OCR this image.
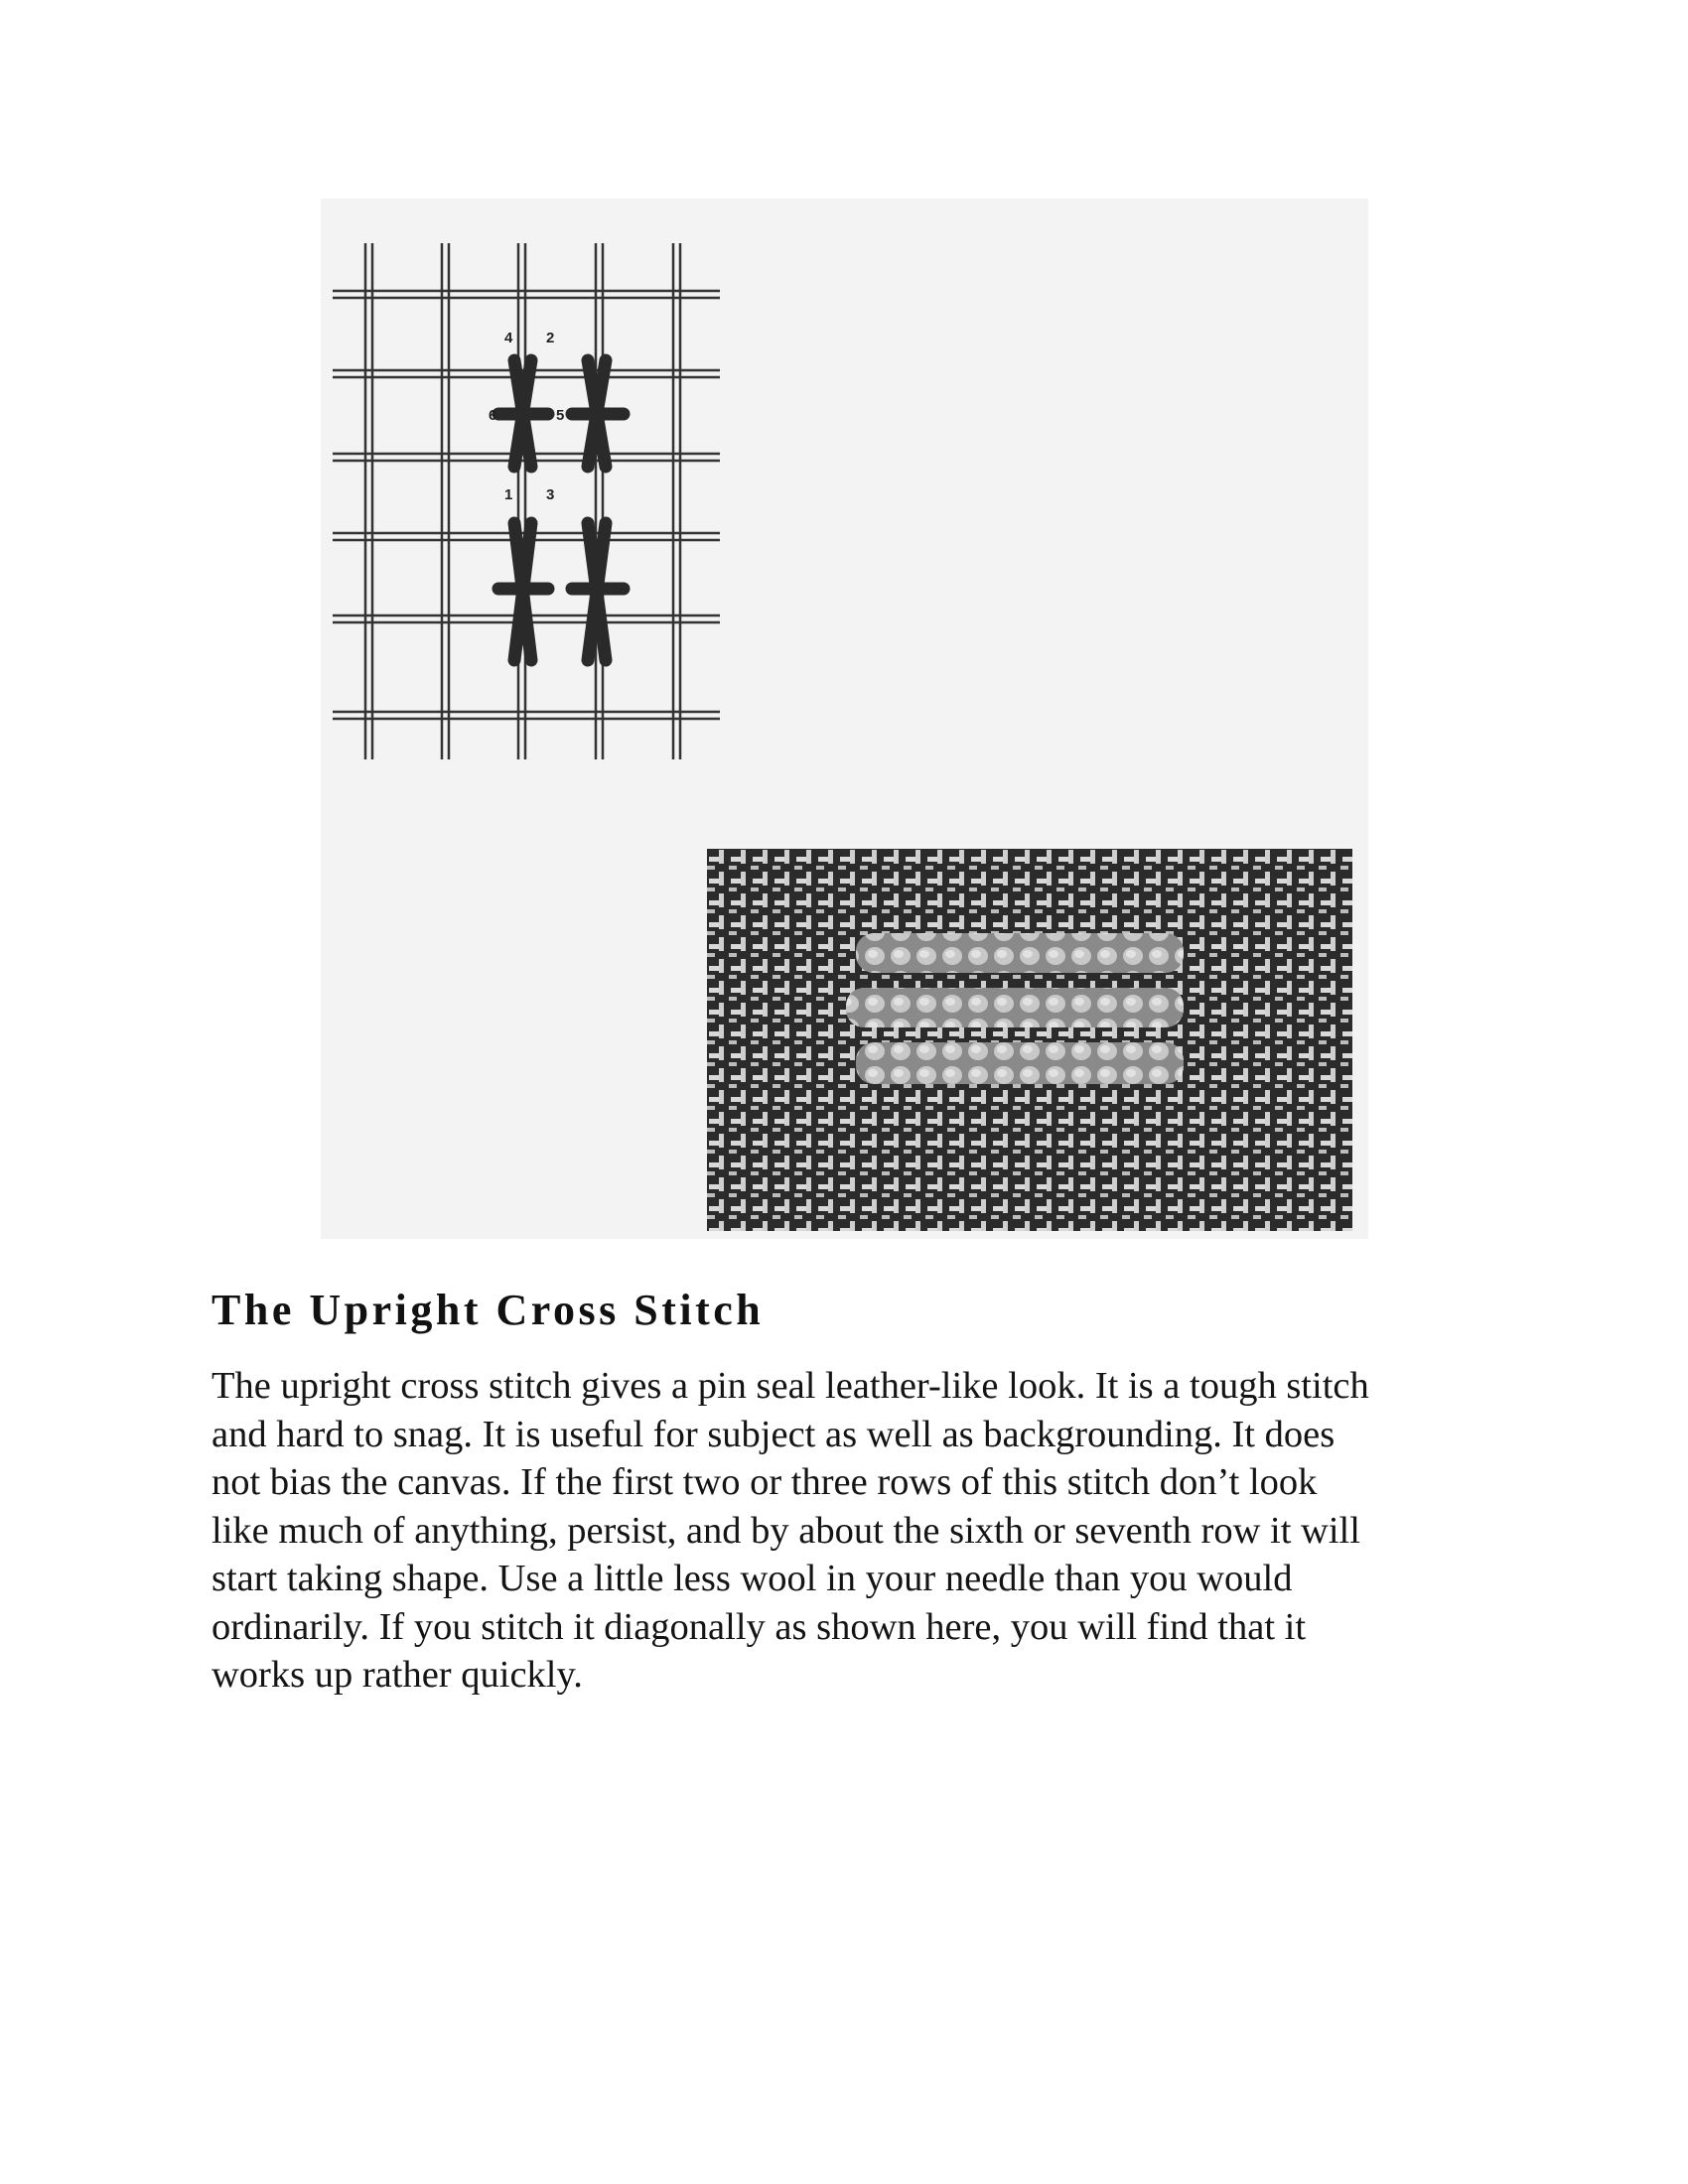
4 2
6	5
1 3
The Upright Cross Stitch

The upright cross stitch gives a pin seal leather-like look. It is a tough stitch
and hard to snag. It is useful for subject as well as backgrounding. It does
not bias the canvas. If the first two or three rows of this stitch don’t look
like much of anything, persist, and by about the sixth or seventh row it will
start taking shape. Use a little less wool in your needle than you would
ordinarily. If you stitch it diagonally as shown here, you will find that it
works up rather quickly.
